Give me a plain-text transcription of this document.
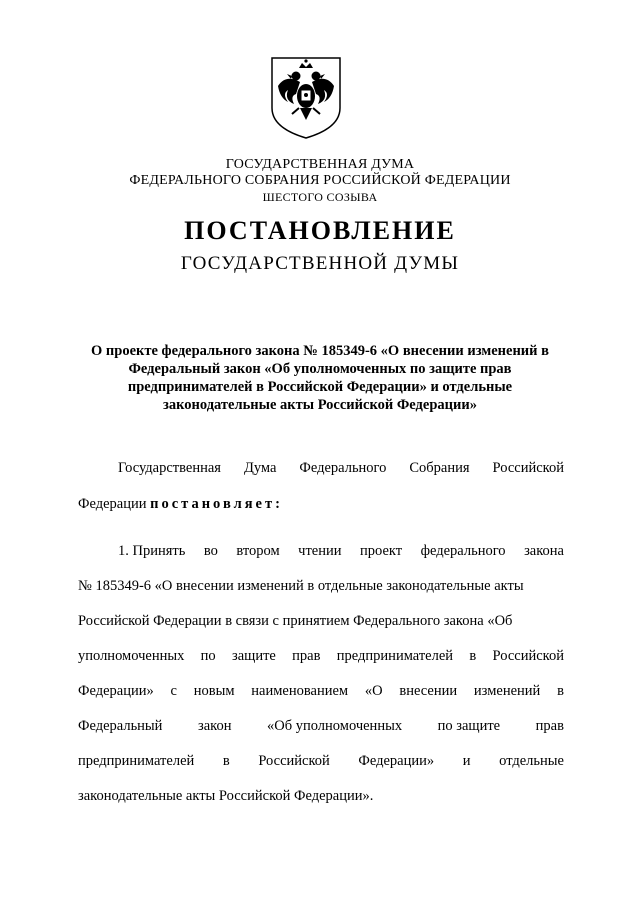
ГОСУДАРСТВЕННАЯ ДУМА
ФЕДЕРАЛЬНОГО СОБРАНИЯ РОССИЙСКОЙ ФЕДЕРАЦИИ
ШЕСТОГО СОЗЫВА
ПОСТАНОВЛЕНИЕ
ГОСУДАРСТВЕННОЙ ДУМЫ
О проекте федерального закона № 185349-6 «О внесении изменений в
Федеральный закон «Об уполномоченных по защите прав
предпринимателей в Российской Федерации» и отдельные
законодательные акты Российской Федерации»
Государственная Дума Федерального Собрания Российской
Федерации постановляет:
1. Принять во втором чтении проект федерального закона
№ 185349-6 «О внесении изменений в отдельные законодательные акты
Российской Федерации в связи с принятием Федерального закона «Об
уполномоченных по защите прав предпринимателей в Российской
Федерации» с новым наименованием «О внесении изменений в
Федеральный закон «Об уполномоченных по защите прав
предпринимателей в Российской Федерации» и отдельные
законодательные акты Российской Федерации».
